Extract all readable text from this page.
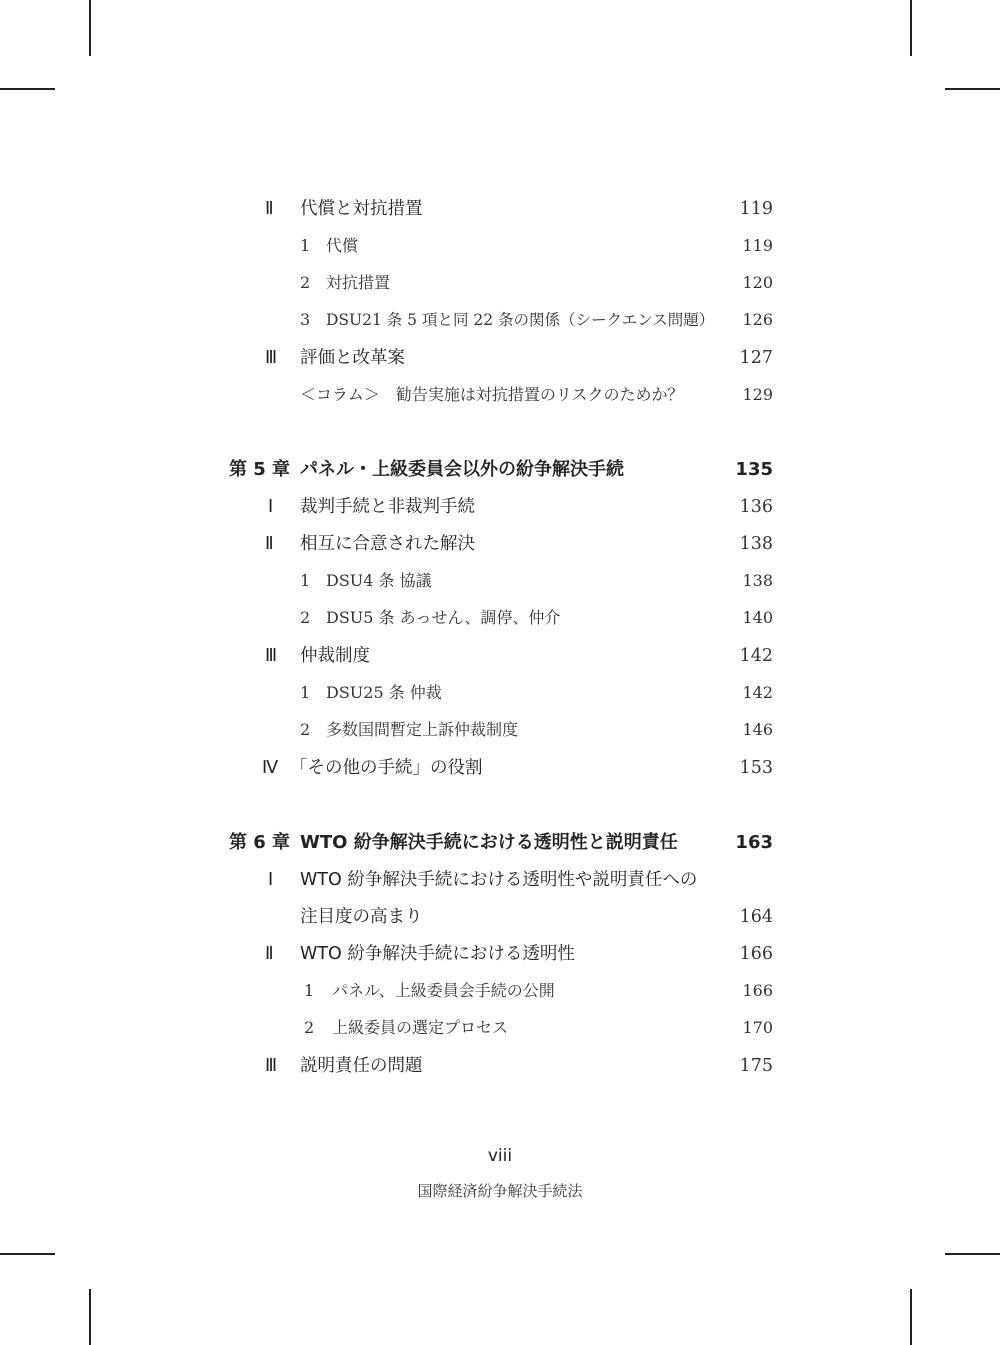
Ⅱ 代償と対抗措置	119
1 代償	119
2 対抗措置	120
3 DSU21 条 5 項と同 22 条の関係（シークエンス問題）	126
Ⅲ 評価と改革案	127
＜コラム＞　勧告実施は対抗措置のリスクのためか？	129
第 5 章 パネル・上級委員会以外の紛争解決手続	135
Ⅰ 裁判手続と非裁判手続	136
Ⅱ 相互に合意された解決	138
1 DSU4 条 協議	138
2 DSU5 条 あっせん、調停、仲介	140
Ⅲ 仲裁制度	142
1 DSU25 条 仲裁	142
2 多数国間暫定上訴仲裁制度	146
Ⅳ 「その他の手続」の役割	153
第 6 章 WTO 紛争解決手続における透明性と説明責任	163
Ⅰ WTO 紛争解決手続における透明性や説明責任への
注目度の高まり	164
Ⅱ WTO 紛争解決手続における透明性	166
1 パネル、上級委員会手続の公開	166
2 上級委員の選定プロセス	170
Ⅲ 説明責任の問題	175
viii
国際経済紛争解決手続法
